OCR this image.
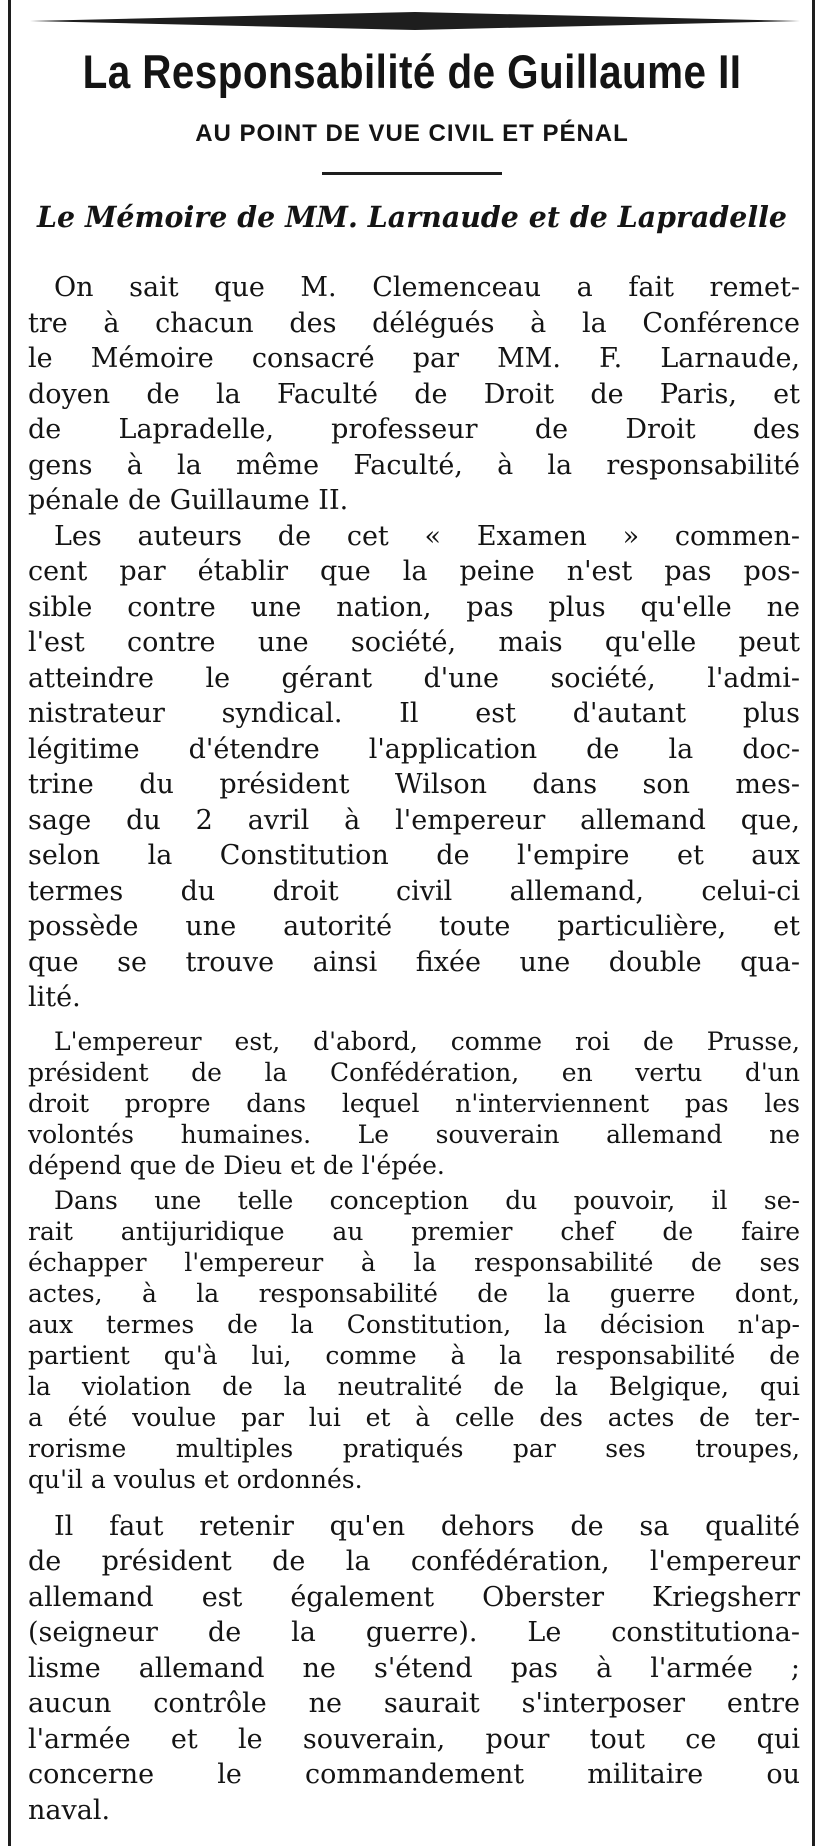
La Responsabilité de Guillaume II
AU POINT DE VUE CIVIL ET PÉNAL
Le Mémoire de MM. Larnaude et de Lapradelle

On sait que M. Clemenceau a fait remet-
tre à chacun des délégués à la Conférence
le Mémoire consacré par MM. F. Larnaude,
doyen de la Faculté de Droit de Paris, et
de Lapradelle, professeur de Droit des
gens à la même Faculté, à la responsabilité
pénale de Guillaume II.

Les auteurs de cet « Examen » commen-
cent par établir que la peine n'est pas pos-
sible contre une nation, pas plus qu'elle ne
l'est contre une société, mais qu'elle peut
atteindre le gérant d'une société, l'admi-
nistrateur syndical. Il est d'autant plus
légitime d'étendre l'application de la doc-
trine du président Wilson dans son mes-
sage du 2 avril à l'empereur allemand que,
selon la Constitution de l'empire et aux
termes du droit civil allemand, celui-ci
possède une autorité toute particulière, et
que se trouve ainsi fixée une double qua-
lité.

L'empereur est, d'abord, comme roi de Prusse,
président de la Confédération, en vertu d'un
droit propre dans lequel n'interviennent pas les
volontés humaines. Le souverain allemand ne
dépend que de Dieu et de l'épée.

Dans une telle conception du pouvoir, il se-
rait antijuridique au premier chef de faire
échapper l'empereur à la responsabilité de ses
actes, à la responsabilité de la guerre dont,
aux termes de la Constitution, la décision n'ap-
partient qu'à lui, comme à la responsabilité de
la violation de la neutralité de la Belgique, qui
a été voulue par lui et à celle des actes de ter-
rorisme multiples pratiqués par ses troupes,
qu'il a voulus et ordonnés.

Il faut retenir qu'en dehors de sa qualité
de président de la confédération, l'empereur
allemand est également Oberster Kriegsherr
(seigneur de la guerre). Le constitutiona-
lisme allemand ne s'étend pas à l'armée ;
aucun contrôle ne saurait s'interposer entre
l'armée et le souverain, pour tout ce qui
concerne le commandement militaire ou
naval.
